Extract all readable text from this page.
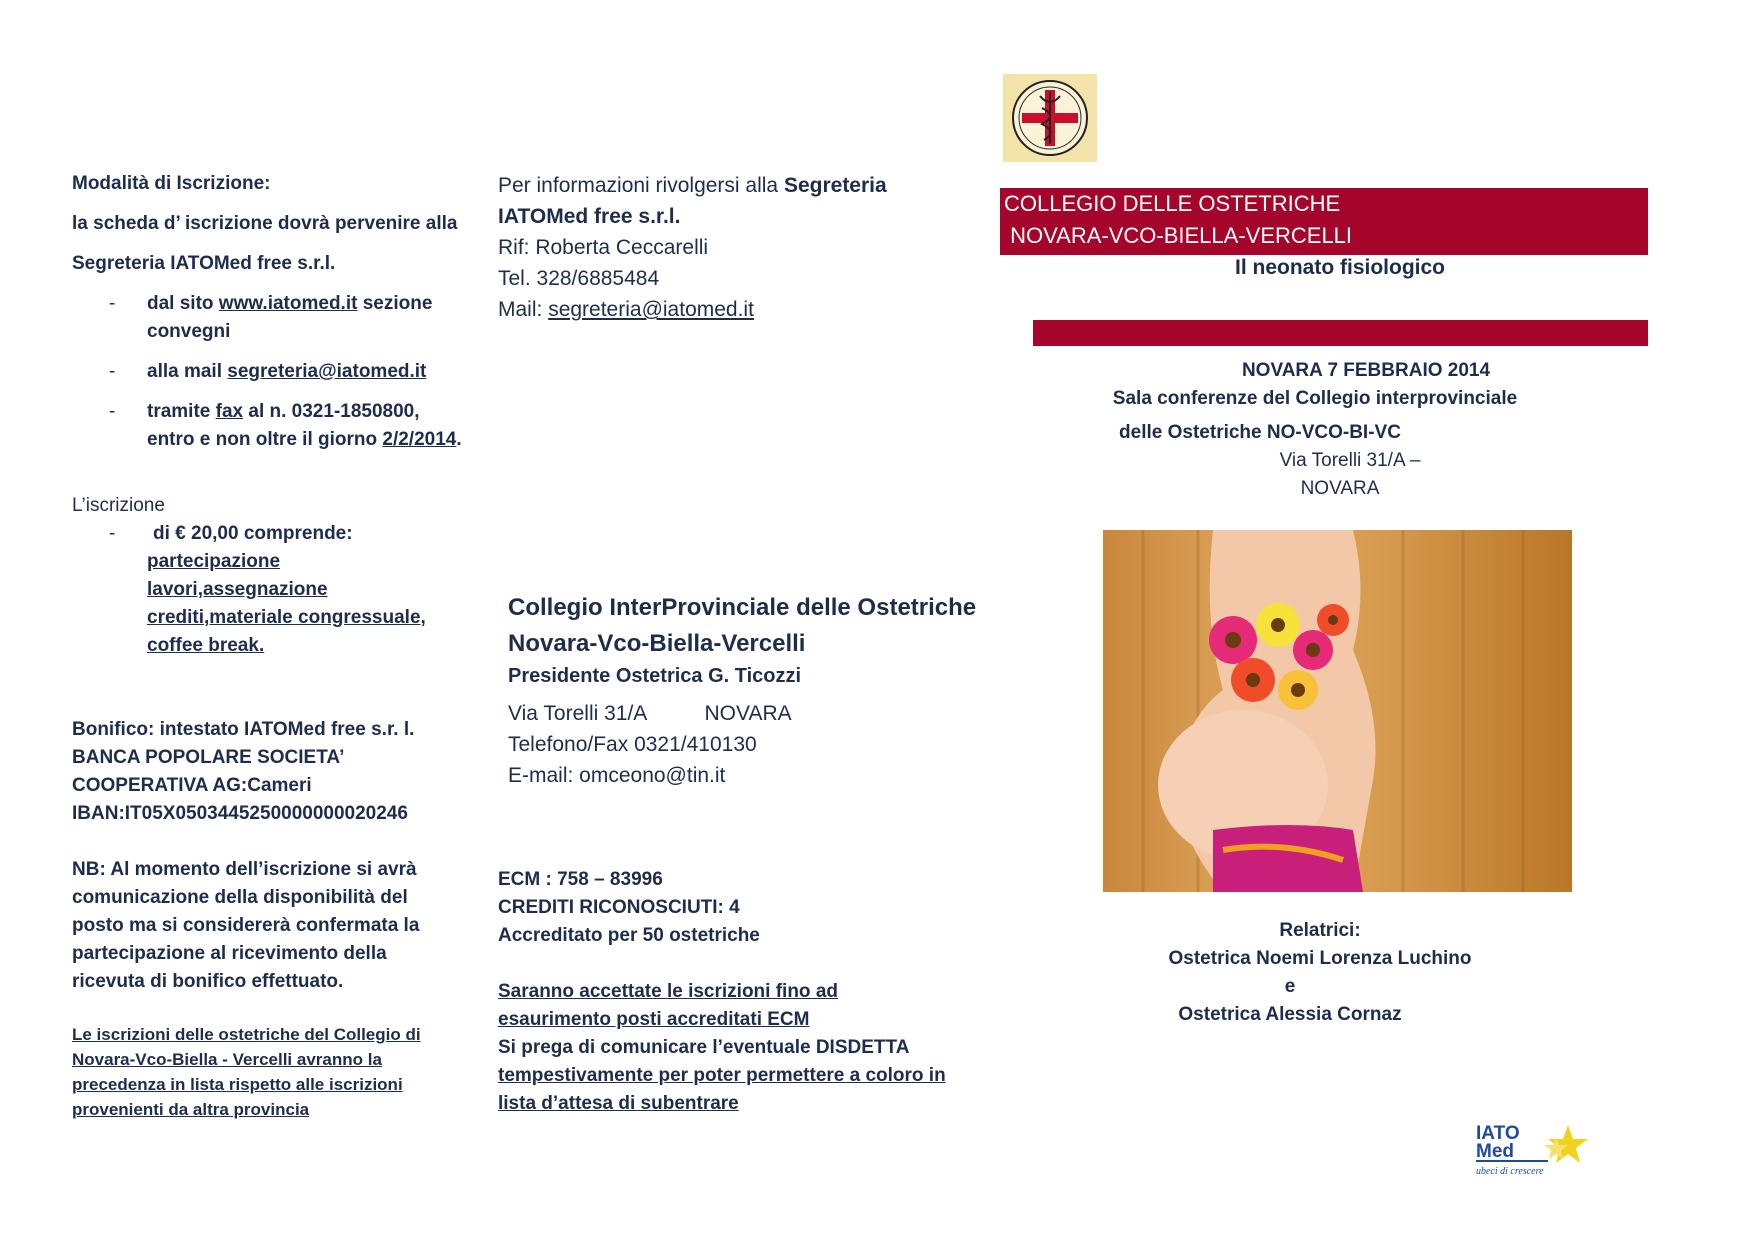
Modalità di Iscrizione:

la scheda d’ iscrizione dovrà pervenire alla

Segreteria IATOMed free s.r.l.

- dal sito www.iatomed.it sezione convegni
- alla mail segreteria@iatomed.it
- tramite fax al n. 0321-1850800, entro e non oltre il giorno 2/2/2014.

L’iscrizione

- di € 20,00 comprende:
partecipazione lavori,assegnazione crediti,materiale congressuale, coffee break.

Bonifico: intestato IATOMed free s.r. l.

BANCA POPOLARE SOCIETA’

COOPERATIVA AG:Cameri

IBAN:IT05X0503445250000000020246

NB: Al momento dell’iscrizione si avrà comunicazione della disponibilità del posto ma si considererà confermata la partecipazione al ricevimento della ricevuta di bonifico effettuato.

Le iscrizioni delle ostetriche del Collegio di Novara-Vco-Biella - Vercelli avranno la precedenza in lista rispetto alle iscrizioni provenienti da altra provincia

Per informazioni rivolgersi alla Segreteria IATOMed free s.r.l.

Rif: Roberta Ceccarelli

Tel. 328/6885484

Mail: segreteria@iatomed.it

Collegio InterProvinciale delle Ostetriche

Novara-Vco-Biella-Vercelli

Presidente Ostetrica G. Ticozzi

Via Torelli 31/A          NOVARA

Telefono/Fax 0321/410130

E-mail: omceono@tin.it

ECM : 758 – 83996

CREDITI RICONOSCIUTI: 4

Accreditato per 50 ostetriche

Saranno accettate le iscrizioni fino ad esaurimento posti accreditati ECM

Si prega di comunicare l’eventuale DISDETTA

tempestivamente per poter permettere a coloro in lista d’attesa di subentrare

COLLEGIO DELLE OSTETRICHE

NOVARA-VCO-BIELLA-VERCELLI

Il neonato fisiologico
NOVARA 7 FEBBRAIO 2014
Sala conferenze del Collegio interprovinciale
delle Ostetriche NO-VCO-BI-VC
Via Torelli 31/A –
NOVARA
Relatrici:
Ostetrica Noemi Lorenza Luchino
e
Ostetrica Alessia Cornaz
IATO
Med
ubeci di crescere
